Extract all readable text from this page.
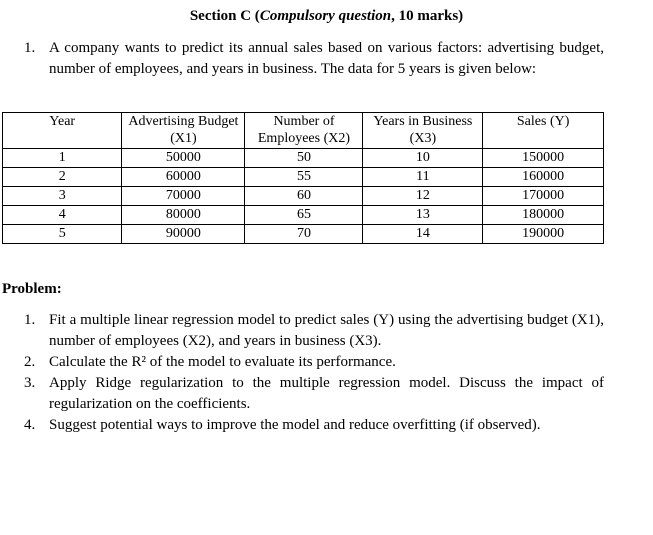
Section C (Compulsory question, 10 marks)
1. A company wants to predict its annual sales based on various factors: advertising budget, number of employees, and years in business. The data for 5 years is given below:
Year	Advertising Budget (X1)	Number of Employees (X2)	Years in Business (X3)	Sales (Y)
1	50000	50	10	150000
2	60000	55	11	160000
3	70000	60	12	170000
4	80000	65	13	180000
5	90000	70	14	190000
Problem:
1. Fit a multiple linear regression model to predict sales (Y) using the advertising budget (X1), number of employees (X2), and years in business (X3).
2. Calculate the R² of the model to evaluate its performance.
3. Apply Ridge regularization to the multiple regression model. Discuss the impact of regularization on the coefficients.
4. Suggest potential ways to improve the model and reduce overfitting (if observed).
